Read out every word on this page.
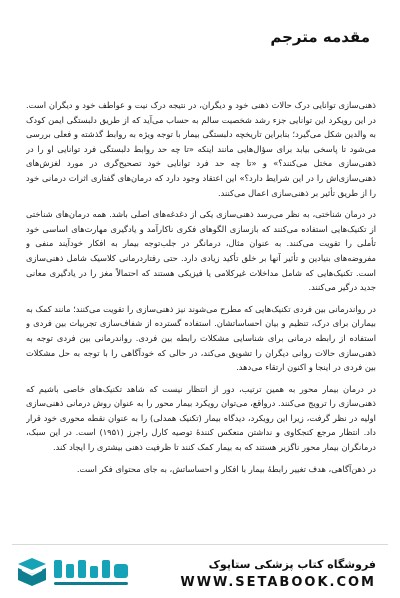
مقدمه مترجم

ذهنی‌سازی توانایی درک حالات ذهنی خود و دیگران، در نتیجه درک نیت و عواطف خود و دیگران است. در این رویکرد این توانایی جزء رشد شخصیت سالم به حساب می‌آید که از طریق دلبستگی ایمن کودک به والدین شکل می‌گیرد؛ بنابراین تاریخچه دلبستگی بیمار با توجه ویژه به روابط گذشته و فعلی بررسی می‌شود تا پاسخی بیابد برای سؤال‌هایی مانند اینکه «تا چه حد روابط دلبستگی فرد توانایی او را در ذهنی‌سازی مختل می‌کنند؟» و «تا چه حد فرد توانایی خود تصحیح‌گری در مورد لغزش‌های ذهنی‌سازی‌اش را در این شرایط دارد؟» این اعتقاد وجود دارد که درمان‌های گفتاری اثرات درمانی خود را از طریق تأثیر بر ذهنی‌سازی اعمال می‌کنند.

در درمان شناختی، به نظر می‌رسد ذهنی‌سازی یکی از دغدغه‌های اصلی باشد. همه درمان‌های شناختی از تکنیک‌هایی استفاده می‌کنند که بازسازی الگوهای فکری ناکارآمد و یادگیری مهارت‌های اساسی خود تأملی را تقویت می‌کنند. به عنوان مثال، درمانگر در جلب‌توجه بیمار به افکار خودآیند منفی و مفروضه‌های بنیادین و تأثیر آنها بر خلق تأکید زیادی دارد. حتی رفتاردرمانی کلاسیک شامل ذهنی‌سازی است. تکنیک‌هایی که شامل مداخلات غیرکلامی یا فیزیکی هستند که احتمالاً مغز را در یادگیری معانی جدید درگیر می‌کنند.

در رواندرمانی بین فردی تکنیک‌هایی که مطرح می‌شوند نیز ذهنی‌سازی را تقویت می‌کنند؛ مانند کمک به بیماران برای درک، تنظیم و بیان احساساتشان. استفاده گسترده از شفاف‌سازی تجربیات بین فردی و استفاده از رابطه درمانی برای شناسایی مشکلات رابطه بین فردی. رواندرمانی بین فردی توجه به ذهنی‌سازی حالات روانی دیگران را تشویق می‌کند، در حالی که خودآگاهی را با توجه به حل مشکلات بین فردی در اینجا و اکنون ارتقاء می‌دهد.

در درمان بیمار محور به همین ترتیب، دور از انتظار نیست که شاهد تکنیک‌های خاصی باشیم که ذهنی‌سازی را ترویج می‌کنند. درواقع، می‌توان رویکرد بیمار محور را به عنوان روش درمانی ذهنی‌سازی اولیه در نظر گرفت، زیرا این رویکرد، دیدگاه بیمار (تکنیک همدلی) را به عنوان نقطه محوری خود قرار داد. انتظار مرجع کنجکاوی و نداشتن منعکس کنندهٔ توصیه کارل راجرز (۱۹۵۱) است. در این سبک، درمانگران بیمار محور ناگزیر هستند که به بیمار کمک کنند تا ظرفیت ذهنی بیشتری را ایجاد کند.

در ذهن‌آگاهی، هدف تغییر رابطهٔ بیمار با افکار و احساساتش، به جای محتوای فکر است.

فروشگاه کتاب پزشکی ستاپوک
WWW.SETABOOK.COM
